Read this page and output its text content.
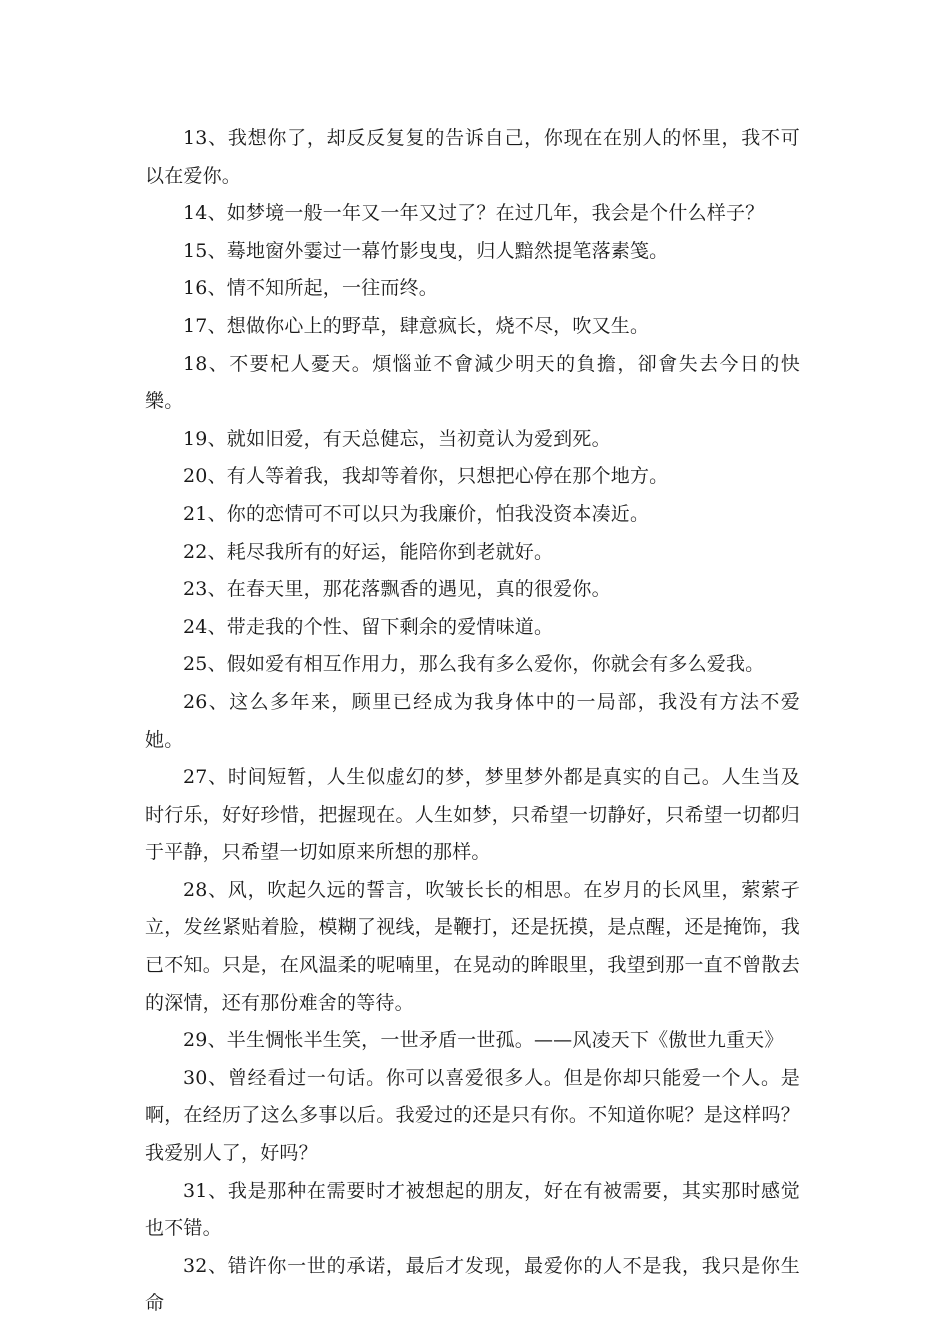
13、我想你了，却反反复复的告诉自己，你现在在别人的怀里，我不可以在爱你。

14、如梦境一般一年又一年又过了？在过几年，我会是个什么样子？

15、蓦地窗外霎过一幕竹影曳曳，归人黯然提笔落素笺。

16、情不知所起，一往而终。

17、想做你心上的野草，肆意疯长，烧不尽，吹又生。

18、不要杞人憂天。煩惱並不會減少明天的負擔，卻會失去今日的快樂。

19、就如旧爱，有天总健忘，当初竟认为爱到死。

20、有人等着我，我却等着你，只想把心停在那个地方。

21、你的恋情可不可以只为我廉价，怕我没资本凑近。

22、耗尽我所有的好运，能陪你到老就好。

23、在春天里，那花落飘香的遇见，真的很爱你。

24、带走我的个性、留下剩余的爱情味道。

25、假如爱有相互作用力，那么我有多么爱你，你就会有多么爱我。

26、这么多年来，顾里已经成为我身体中的一局部，我没有方法不爱她。

27、时间短暂，人生似虚幻的梦，梦里梦外都是真实的自己。人生当及时行乐，好好珍惜，把握现在。人生如梦，只希望一切静好，只希望一切都归于平静，只希望一切如原来所想的那样。

28、风，吹起久远的誓言，吹皱长长的相思。在岁月的长风里，萦萦孑立，发丝紧贴着脸，模糊了视线，是鞭打，还是抚摸，是点醒，还是掩饰，我已不知。只是，在风温柔的呢喃里，在晃动的眸眼里，我望到那一直不曾散去的深情，还有那份难舍的等待。

29、半生惆怅半生笑，一世矛盾一世孤。——风凌天下《傲世九重天》

30、曾经看过一句话。你可以喜爱很多人。但是你却只能爱一个人。是啊，在经历了这么多事以后。我爱过的还是只有你。不知道你呢？是这样吗？我爱别人了，好吗？

31、我是那种在需要时才被想起的朋友，好在有被需要，其实那时感觉也不错。

32、错许你一世的承诺，最后才发现，最爱你的人不是我，我只是你生命
